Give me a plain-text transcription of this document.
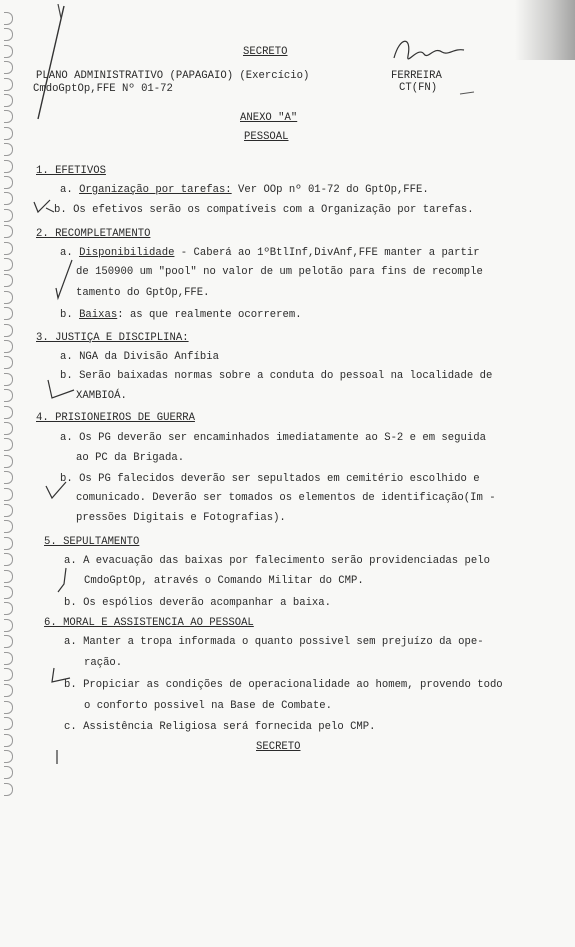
SECRETO
PLANO ADMINISTRATIVO (PAPAGAIO) (Exercício)
CmdoGptOp,FFE Nº 01-72
FERREIRA
CT(FN)
ANEXO "A"
PESSOAL
1. EFETIVOS
a. Organização por tarefas: Ver OOp nº 01-72 do GptOp,FFE.
b. Os efetivos serão os compatíveis com a Organização por tarefas.
2. RECOMPLETAMENTO
a. Disponibilidade - Caberá ao 1ºBtlInf,DivAnf,FFE manter a partir
de 150900 um "pool" no valor de um pelotão para fins de recomple
tamento do GptOp,FFE.
b. Baixas: as que realmente ocorrerem.
3. JUSTIÇA E DISCIPLINA:
a. NGA da Divisão Anfíbia
b. Serão baixadas normas sobre a conduta do pessoal na localidade de
XAMBIOÁ.
4. PRISIONEIROS DE GUERRA
a. Os PG deverão ser encaminhados imediatamente ao S-2 e em seguida
ao PC da Brigada.
b. Os PG falecidos deverão ser sepultados em cemitério escolhido e
comunicado. Deverão ser tomados os elementos de identificação(Im -
pressões Digitais e Fotografias).
5. SEPULTAMENTO
a. A evacuação das baixas por falecimento serão providenciadas pelo
CmdoGptOp, através o Comando Militar do CMP.
b. Os espólios deverão acompanhar a baixa.
6. MORAL E ASSISTENCIA AO PESSOAL
a. Manter a tropa informada o quanto possivel sem prejuízo da ope-
ração.
b. Propiciar as condições de operacionalidade ao homem, provendo todo
o conforto possivel na Base de Combate.
c. Assistência Religiosa será fornecida pelo CMP.
SECRETO
